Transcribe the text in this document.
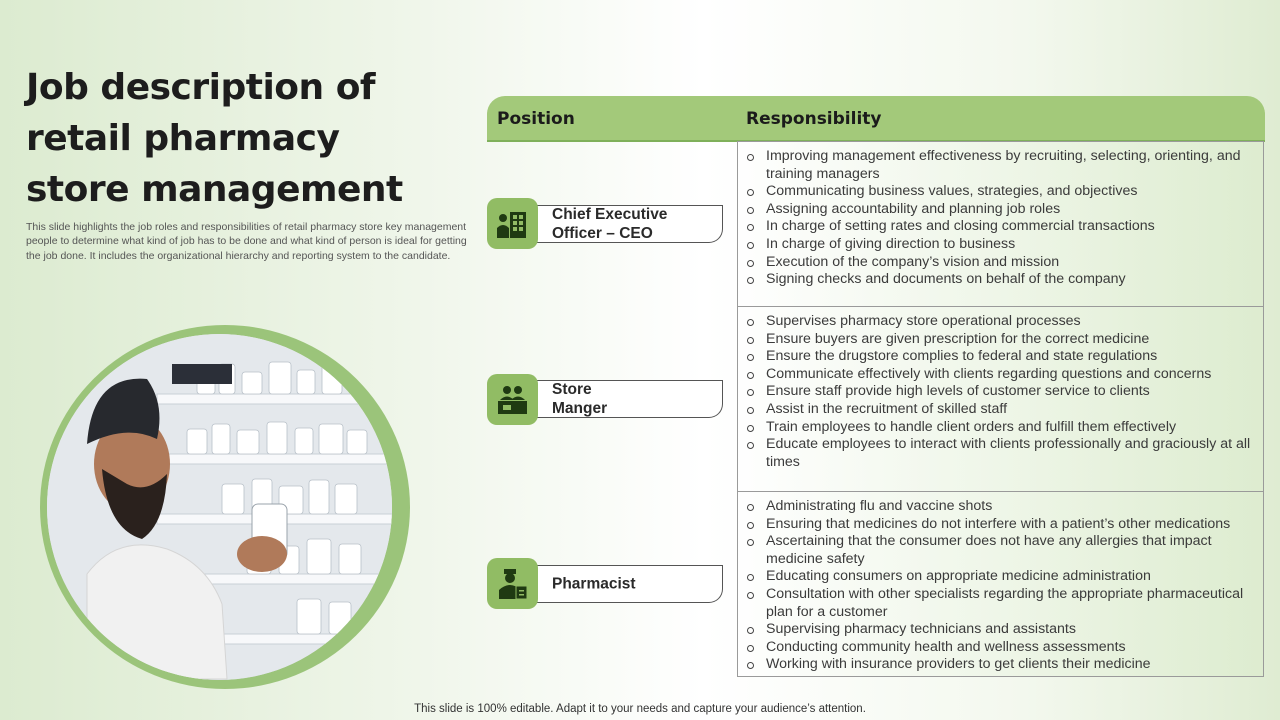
Job description of retail pharmacy store management

This slide highlights the job roles and responsibilities of retail pharmacy store key management people to determine what kind of job has to be done and what kind of person is ideal for getting the job done. It includes the organizational hierarchy and reporting system to the candidate.

Position	Responsibility
Improving management effectiveness by recruiting, selecting, orienting, and training managers
Communicating business values, strategies, and objectives
Assigning accountability and planning job roles
In charge of setting rates and closing commercial transactions
In charge of giving direction to business
Execution of the company’s vision and mission
Signing checks and documents on behalf of the company
Chief Executive Officer – CEO
Supervises pharmacy store operational processes
Ensure buyers are given prescription for the correct medicine
Ensure the drugstore complies to federal and state regulations
Communicate effectively with clients regarding questions and concerns
Ensure staff provide high levels of customer service to clients
Assist in the recruitment of skilled staff
Train employees to handle client orders and fulfill them effectively
Educate employees to interact with clients professionally and graciously at all times
Store Manger
Administrating flu and vaccine shots
Ensuring that medicines do not interfere with a patient’s other medications
Ascertaining that the consumer does not have any allergies that impact medicine safety
Educating consumers on appropriate medicine administration
Consultation with other specialists regarding the appropriate pharmaceutical plan for a customer
Supervising pharmacy technicians and assistants
Conducting community health and wellness assessments
Working with insurance providers to get clients their medicine
Pharmacist
This slide is 100% editable. Adapt it to your needs and capture your audience’s attention.
